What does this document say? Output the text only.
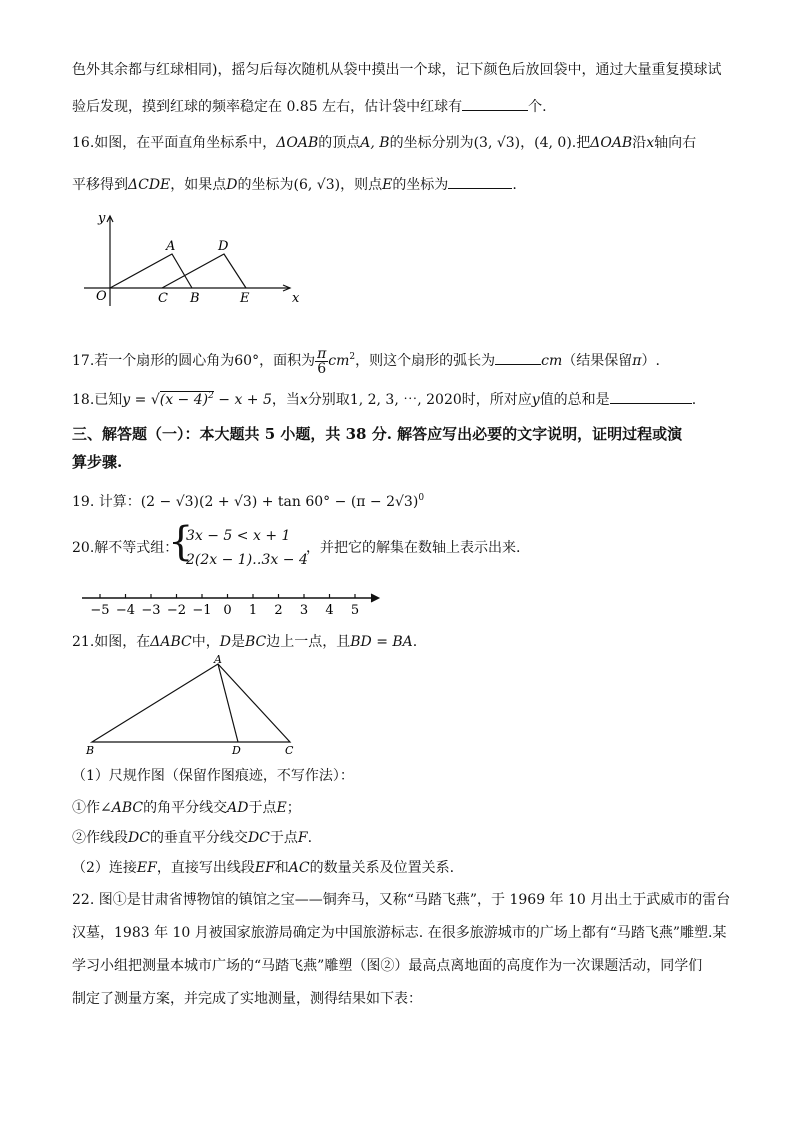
色外其余都与红球相同)，摇匀后每次随机从袋中摸出一个球，记下颜色后放回袋中，通过大量重复摸球试
验后发现，摸到红球的频率稳定在 0.85 左右，估计袋中红球有	个.
16.如图，在平面直角坐标系中，ΔOAB的顶点A, B的坐标分别为(3, √3)，(4, 0).把ΔOAB沿x轴向右
平移得到ΔCDE，如果点D的坐标为(6, √3)，则点E的坐标为	.
y
x
O
A	D
C B	E
17.若一个扇形的圆心角为60°，面积为 $\frac{\pi}{6} cm^2$，则这个扇形的弧长为	cm（结果保留π）.
18.已知$y = √(x - 4)^2 - x + 5$，当x分别取1, 2, 3, ⋯, 2020时，所对应y值的总和是	.
三、解答题（一）：本大题共 5 小题，共 38 分. 解答应写出必要的文字说明，证明过程或演
算步骤.
19. 计算：$(2 - √3)(2 + √3) + \tan 60^\circ - (\pi - 2√3)^0$
20.解不等式组：
{
3x − 5 < x + 1
2(2x − 1)‥3x − 4
，并把它的解集在数轴上表示出来.
−5 −4 −3 −2 −1 0 1 2 3 4 5
21.如图，在ΔABC中，D是BC边上一点，且BD = BA.
A
B	D	C
（1）尺规作图（保留作图痕迹，不写作法）：
①作∠ABC的角平分线交AD于点E；
②作线段DC的垂直平分线交DC于点F.
（2）连接EF，直接写出线段EF和AC的数量关系及位置关系.
22. 图①是甘肃省博物馆的镇馆之宝——铜奔马，又称“马踏飞燕”，于 1969 年 10 月出土于武威市的雷台
汉墓，1983 年 10 月被国家旅游局确定为中国旅游标志. 在很多旅游城市的广场上都有“马踏飞燕”雕塑.某
学习小组把测量本城市广场的“马踏飞燕”雕塑（图②）最高点离地面的高度作为一次课题活动，同学们
制定了测量方案，并完成了实地测量，测得结果如下表：
